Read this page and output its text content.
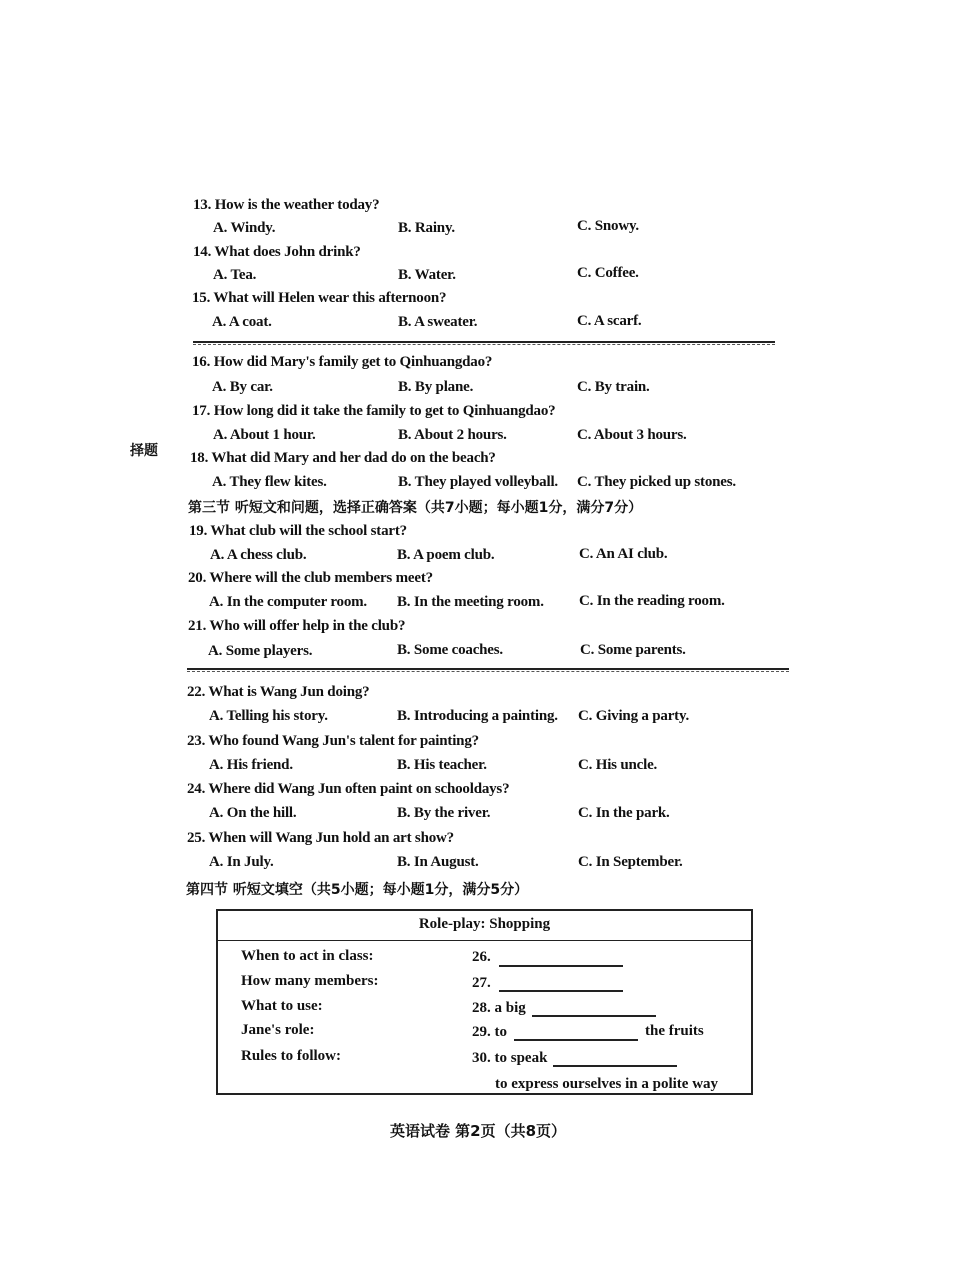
择题
13. How is the weather today?
A. Windy.	B. Rainy.	C. Snowy.
14. What does John drink?
A. Tea.	B. Water.	C. Coffee.
15. What will Helen wear this afternoon?
A. A coat.	B. A sweater.	C. A scarf.
16. How did Mary's family get to Qinhuangdao?
A. By car.	B. By plane.	C. By train.
17. How long did it take the family to get to Qinhuangdao?
A. About 1 hour.	B. About 2 hours.	C. About 3 hours.
18. What did Mary and her dad do on the beach?
A. They flew kites.	B. They played volleyball. C. They picked up stones.
第三节 听短文和问题，选择正确答案（共7小题；每小题1分，满分7分）
19. What club will the school start?
A. A chess club.	B. A poem club.	C. An AI club.
20. Where will the club members meet?
A. In the computer room. B. In the meeting room. C. In the reading room.
21. Who will offer help in the club?
A. Some players.	B. Some coaches.	C. Some parents.
22. What is Wang Jun doing?
A. Telling his story.	B. Introducing a painting. C. Giving a party.
23. Who found Wang Jun's talent for painting?
A. His friend.	B. His teacher.	C. His uncle.
24. Where did Wang Jun often paint on schooldays?
A. On the hill.	B. By the river.	C. In the park.
25. When will Wang Jun hold an art show?
A. In July.	B. In August.	C. In September.
第四节 听短文填空（共5小题；每小题1分，满分5分）
Role-play: Shopping
When to act in class:	26.
How many members:	27.
What to use:	28. a big
Jane's role:	29. to	the fruits
Rules to follow:	30. to speak
to express ourselves in a polite way
英语试卷 第2页（共8页）
